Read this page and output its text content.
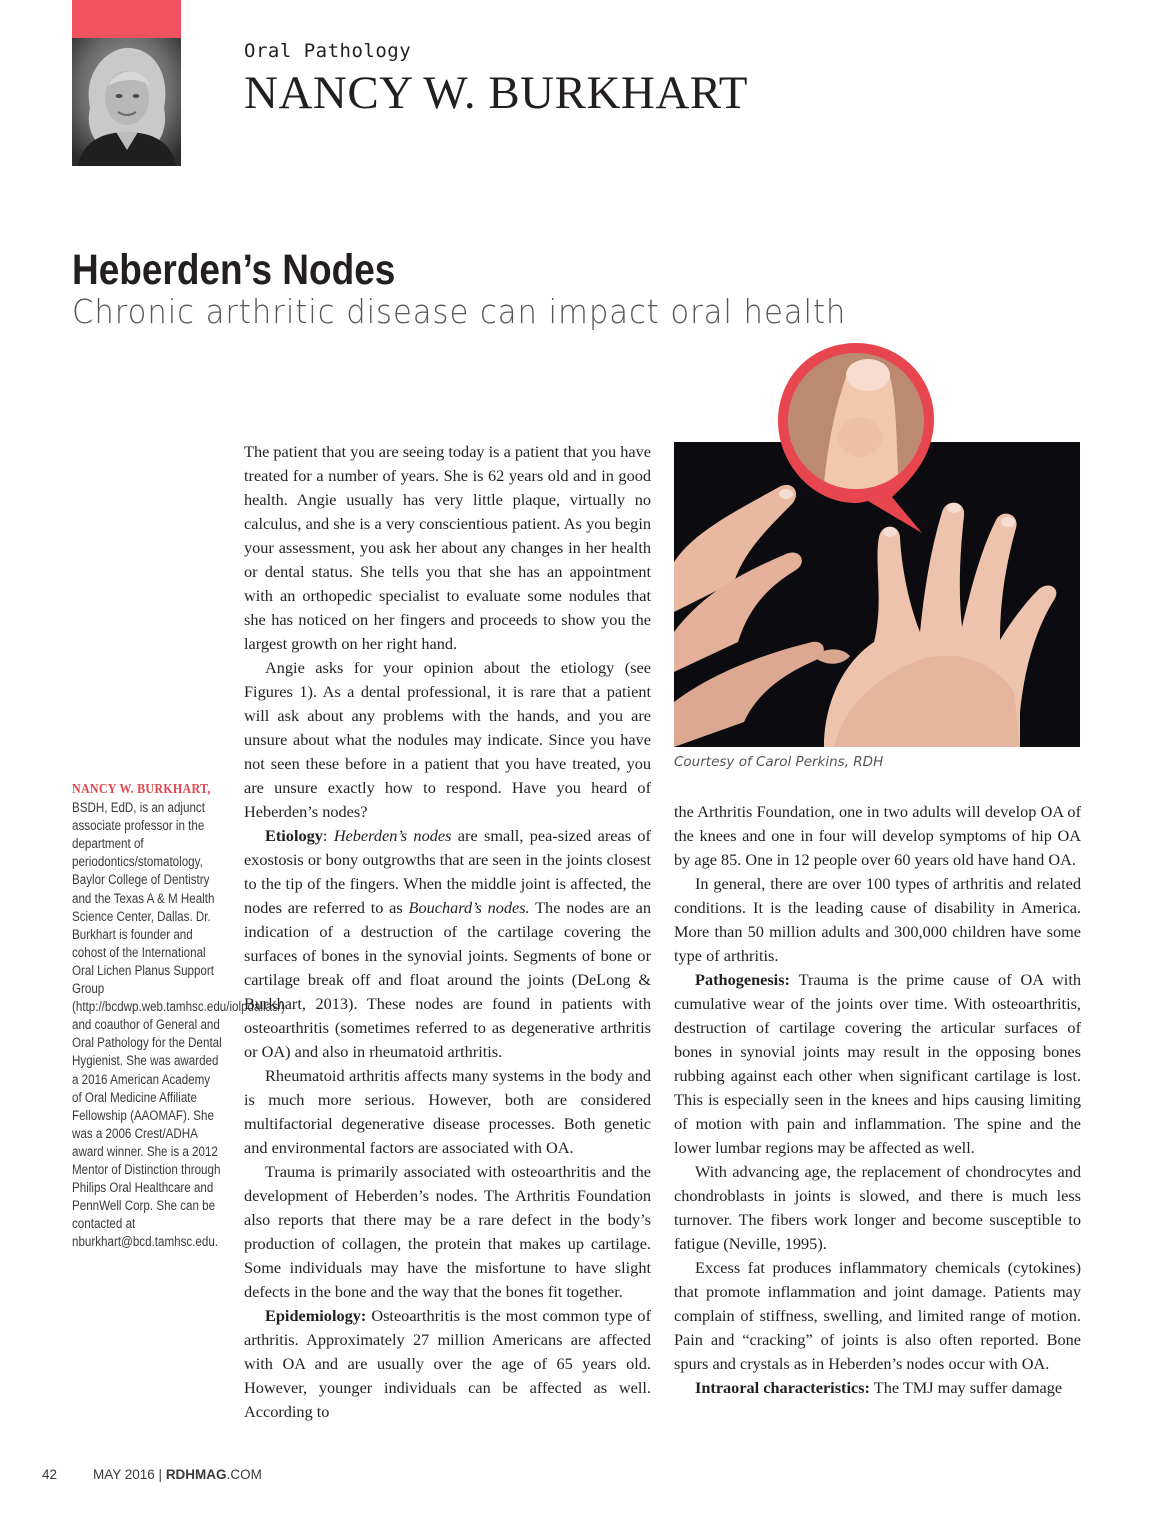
Oral Pathology
NANCY W. BURKHART
Heberden’s Nodes
Chronic arthritic disease can impact oral health
Courtesy of Carol Perkins, RDH
NANCY W. BURKHART, BSDH, EdD, is an adjunct associate professor in the department of periodontics/stomatology, Baylor College of Dentistry and the Texas A & M Health Science Center, Dallas. Dr. Burkhart is founder and cohost of the International Oral Lichen Planus Support Group (http://bcdwp.web.tamhsc.edu/iolpdallas/) and coauthor of General and Oral Pathology for the Dental Hygienist. She was awarded a 2016 American Academy of Oral Medicine Affiliate Fellowship (AAOMAF). She was a 2006 Crest/ADHA award winner. She is a 2012 Mentor of Distinction through Philips Oral Healthcare and PennWell Corp. She can be contacted at nburkhart@bcd.tamhsc.edu.

The patient that you are seeing today is a patient that you have treated for a number of years. She is 62 years old and in good health. Angie usually has very little plaque, virtually no calculus, and she is a very conscientious patient. As you begin your assessment, you ask her about any changes in her health or dental status. She tells you that she has an appointment with an orthopedic specialist to evaluate some nodules that she has noticed on her fingers and proceeds to show you the largest growth on her right hand.

Angie asks for your opinion about the etiology (see Figures 1). As a dental professional, it is rare that a patient will ask about any problems with the hands, and you are unsure about what the nodules may indicate. Since you have not seen these before in a patient that you have treated, you are unsure exactly how to respond. Have you heard of Heberden’s nodes?

Etiology: Heberden’s nodes are small, pea-sized areas of exostosis or bony outgrowths that are seen in the joints closest to the tip of the fingers. When the middle joint is affected, the nodes are referred to as Bouchard’s nodes. The nodes are an indication of a destruction of the cartilage covering the surfaces of bones in the synovial joints. Segments of bone or cartilage break off and float around the joints (DeLong & Burkhart, 2013). These nodes are found in patients with osteoarthritis (sometimes referred to as degenerative arthritis or OA) and also in rheumatoid arthritis.

Rheumatoid arthritis affects many systems in the body and is much more serious. However, both are considered multifactorial degenerative disease processes. Both genetic and environmental factors are associated with OA.

Trauma is primarily associated with osteoarthritis and the development of Heberden’s nodes. The Arthritis Foundation also reports that there may be a rare defect in the body’s production of collagen, the protein that makes up cartilage. Some individuals may have the misfortune to have slight defects in the bone and the way that the bones fit together.

Epidemiology: Osteoarthritis is the most common type of arthritis. Approximately 27 million Americans are affected with OA and are usually over the age of 65 years old. However, younger individuals can be affected as well. According to

the Arthritis Foundation, one in two adults will develop OA of the knees and one in four will develop symptoms of hip OA by age 85. One in 12 people over 60 years old have hand OA.

In general, there are over 100 types of arthritis and related conditions. It is the leading cause of disability in America. More than 50 million adults and 300,000 children have some type of arthritis.

Pathogenesis: Trauma is the prime cause of OA with cumulative wear of the joints over time. With osteoarthritis, destruction of cartilage covering the articular surfaces of bones in synovial joints may result in the opposing bones rubbing against each other when significant cartilage is lost. This is especially seen in the knees and hips causing limiting of motion with pain and inflammation. The spine and the lower lumbar regions may be affected as well.

With advancing age, the replacement of chondrocytes and chondroblasts in joints is slowed, and there is much less turnover. The fibers work longer and become susceptible to fatigue (Neville, 1995).

Excess fat produces inflammatory chemicals (cytokines) that promote inflammation and joint damage. Patients may complain of stiffness, swelling, and limited range of motion. Pain and “cracking” of joints is also often reported. Bone spurs and crystals as in Heberden’s nodes occur with OA.

Intraoral characteristics: The TMJ may suffer damage

42	MAY 2016 | RDHMAG.COM
